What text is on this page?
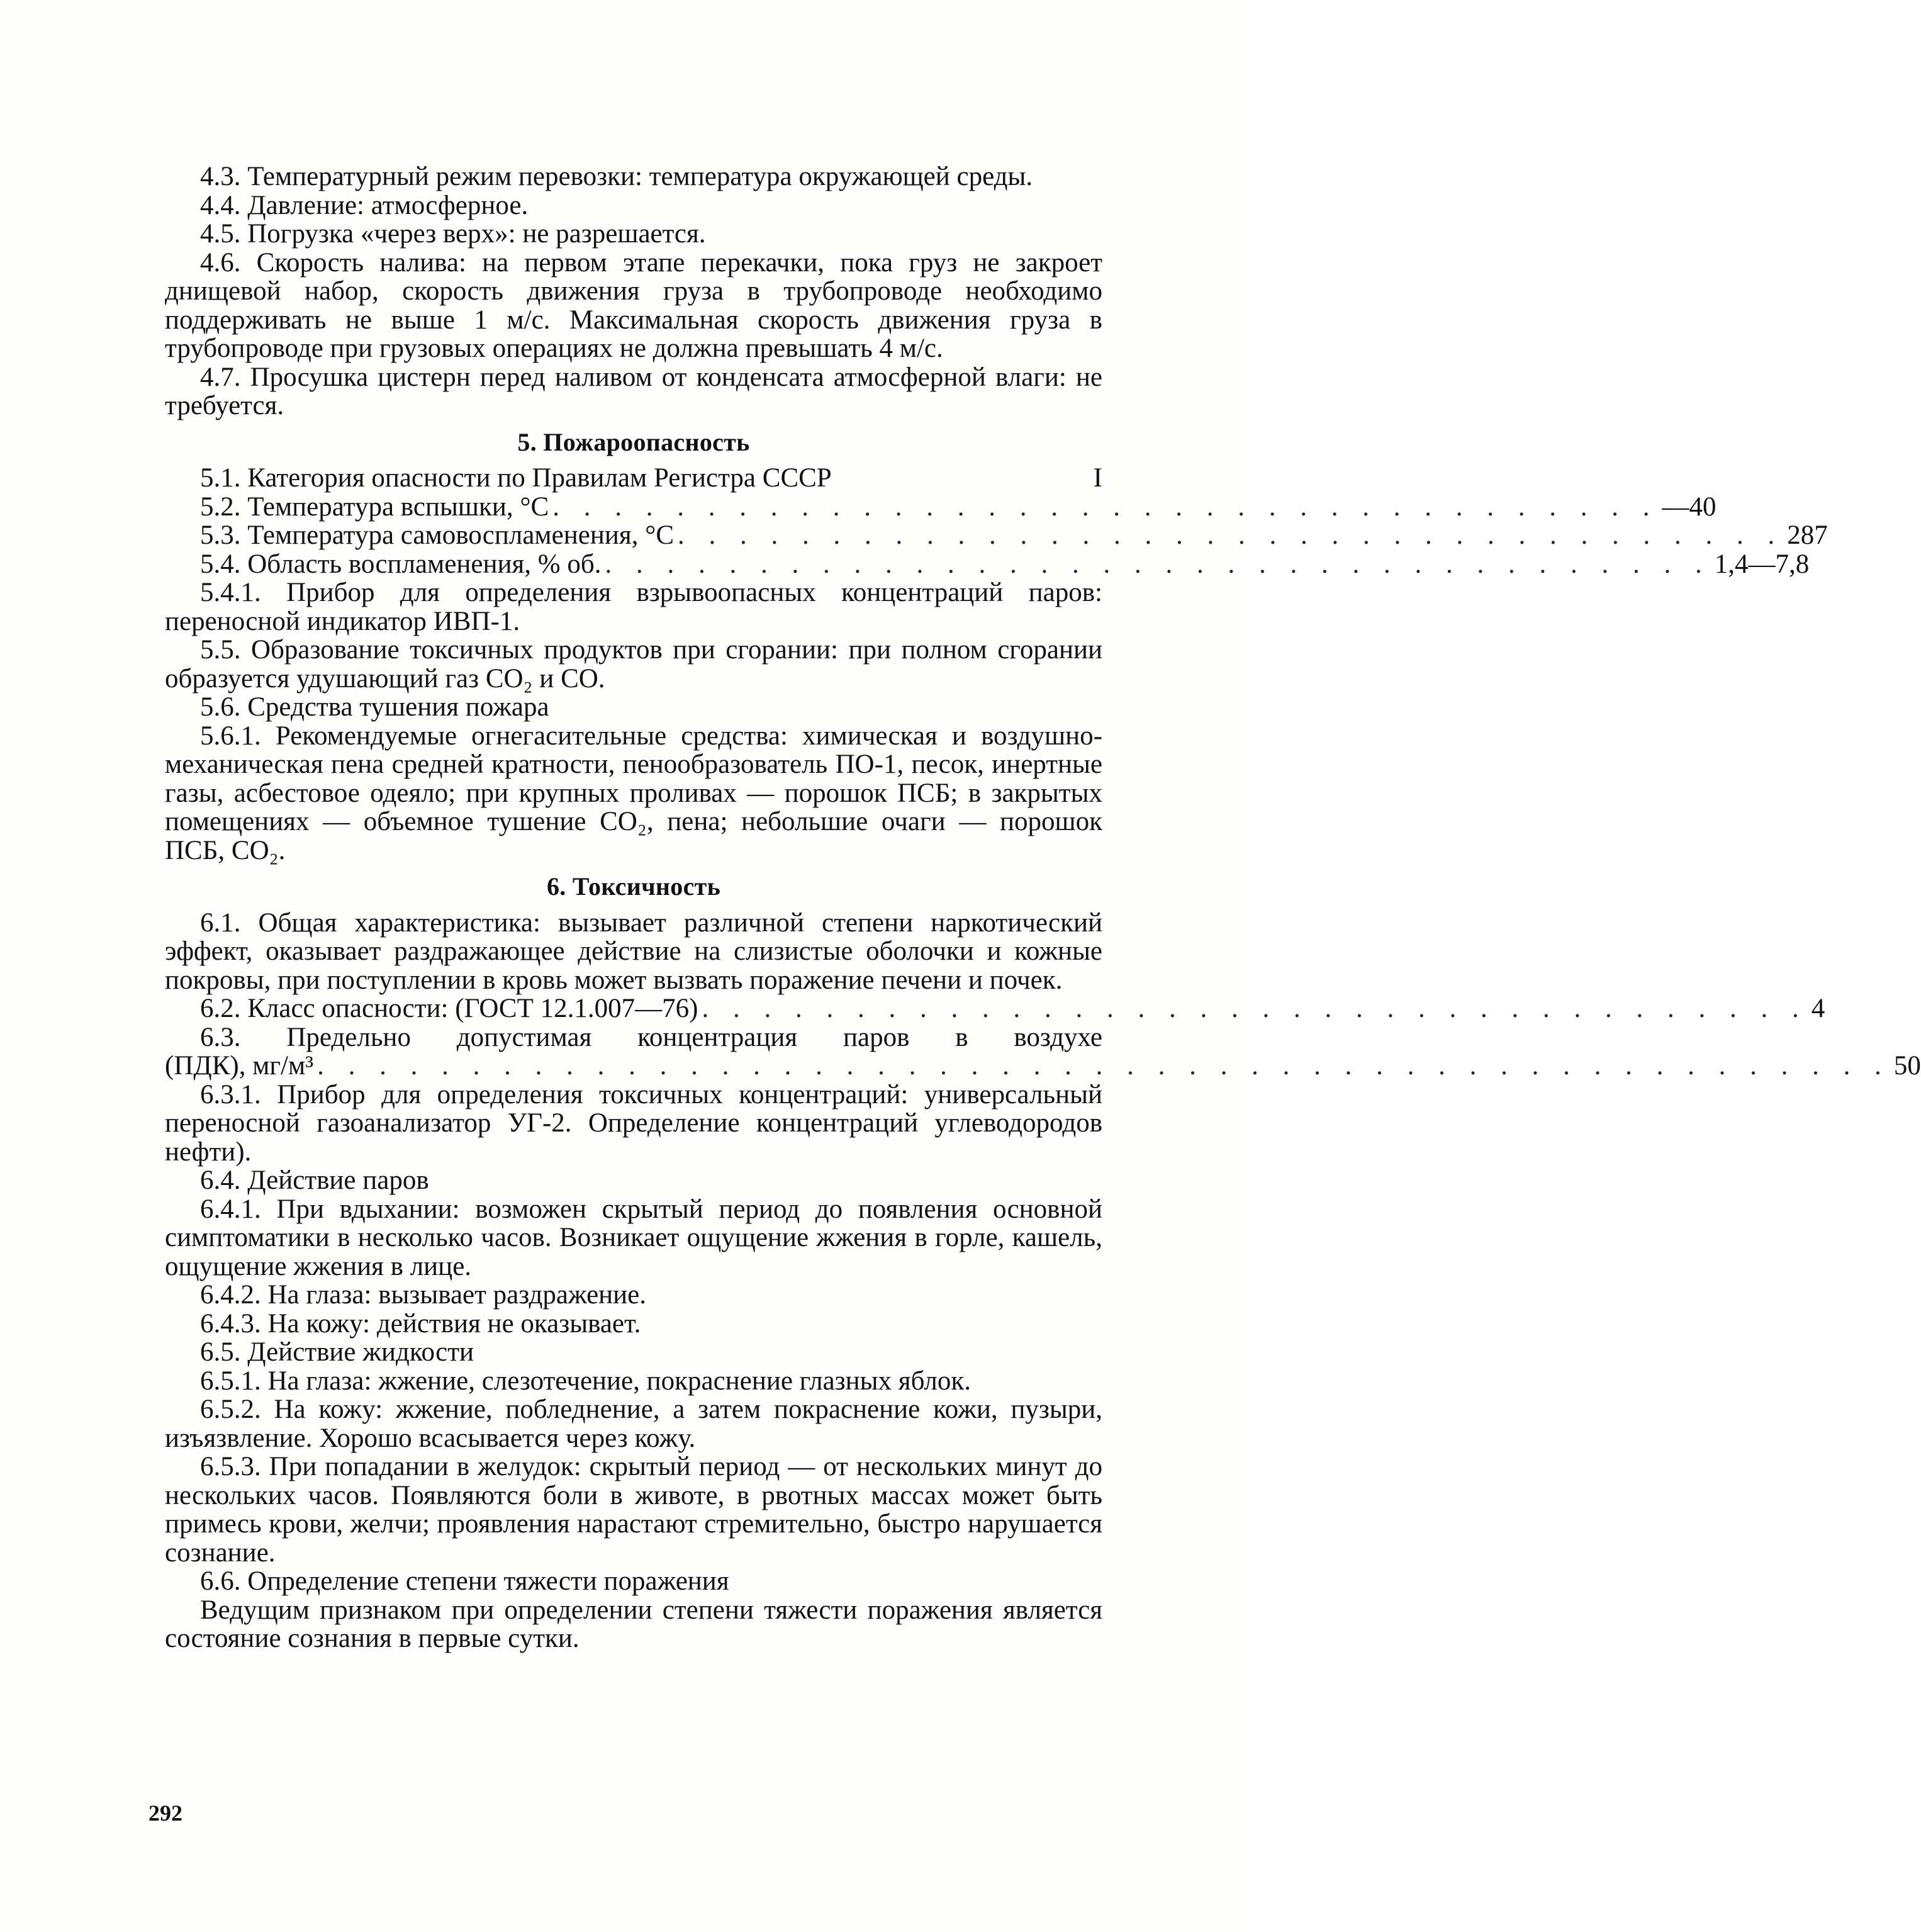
4.3. Температурный режим перевозки: температура окружающей среды.

4.4. Давление: атмосферное.

4.5. Погрузка «через верх»: не разрешается.

4.6. Скорость налива: на первом этапе перекачки, пока груз не закроет днищевой набор, скорость движения груза в трубопроводе необходимо поддерживать не выше 1 м/с. Максимальная скорость движения груза в трубопроводе при грузовых операциях не должна превышать 4 м/с.

4.7. Просушка цистерн перед наливом от конденсата атмосферной влаги: не требуется.

5. Пожароопасность
5.1. Категория опасности по Правилам Регистра СССР	I
5.2. Температура вспышки, °С . . . . . . . . . . . . . . . . . . . . . . . . . . . . . . . . . . . . —40
5.3. Температура самовоспламенения, °С . . . . . . . . . . . . . . . . . . . . . . . . . . . . . . . . . . . . 287
5.4. Область воспламенения, % об. . . . . . . . . . . . . . . . . . . . . . . . . . . . . . . . . . . . . 1,4—7,8

5.4.1. Прибор для определения взрывоопасных концентраций паров: переносной индикатор ИВП-1.

5.5. Образование токсичных продуктов при сгорании: при полном сгорании образуется удушающий газ CO₂ и CO.

5.6. Средства тушения пожара

5.6.1. Рекомендуемые огнегасительные средства: химическая и воздушно-механическая пена средней кратности, пенообразователь ПО-1, песок, инертные газы, асбестовое одеяло; при крупных проливах — порошок ПСБ; в закрытых помещениях — объемное тушение CO₂, пена; небольшие очаги — порошок ПСБ, CO₂.

6. Токсичность

6.1. Общая характеристика: вызывает различной степени наркотический эффект, оказывает раздражающее действие на слизистые оболочки и кожные покровы, при поступлении в кровь может вызвать поражение печени и почек.

6.2. Класс опасности: (ГОСТ 12.1.007—76) . . . . . . . . . . . . . . . . . . . . . . . . . . . . . . . . . . . . 4

6.3. Предельно допустимая концентрация паров в воздухе

(ПДК), мг/м³ . . . . . . . . . . . . . . . . . . . . . . . . . . . . . . . . . . . . . . . . . . . . . . . . . . . 50

6.3.1. Прибор для определения токсичных концентраций: универсальный переносной газоанализатор УГ-2. Определение концентраций углеводородов нефти).

6.4. Действие паров

6.4.1. При вдыхании: возможен скрытый период до появления основной симптоматики в несколько часов. Возникает ощущение жжения в горле, кашель, ощущение жжения в лице.

6.4.2. На глаза: вызывает раздражение.

6.4.3. На кожу: действия не оказывает.

6.5. Действие жидкости

6.5.1. На глаза: жжение, слезотечение, покраснение глазных яблок.

6.5.2. На кожу: жжение, побледнение, а затем покраснение кожи, пузыри, изъязвление. Хорошо всасывается через кожу.

6.5.3. При попадании в желудок: скрытый период — от нескольких минут до нескольких часов. Появляются боли в животе, в рвотных массах может быть примесь крови, желчи; проявления нарастают стремительно, быстро нарушается сознание.

6.6. Определение степени тяжести поражения

Ведущим признаком при определении степени тяжести поражения является состояние сознания в первые сутки.

292
